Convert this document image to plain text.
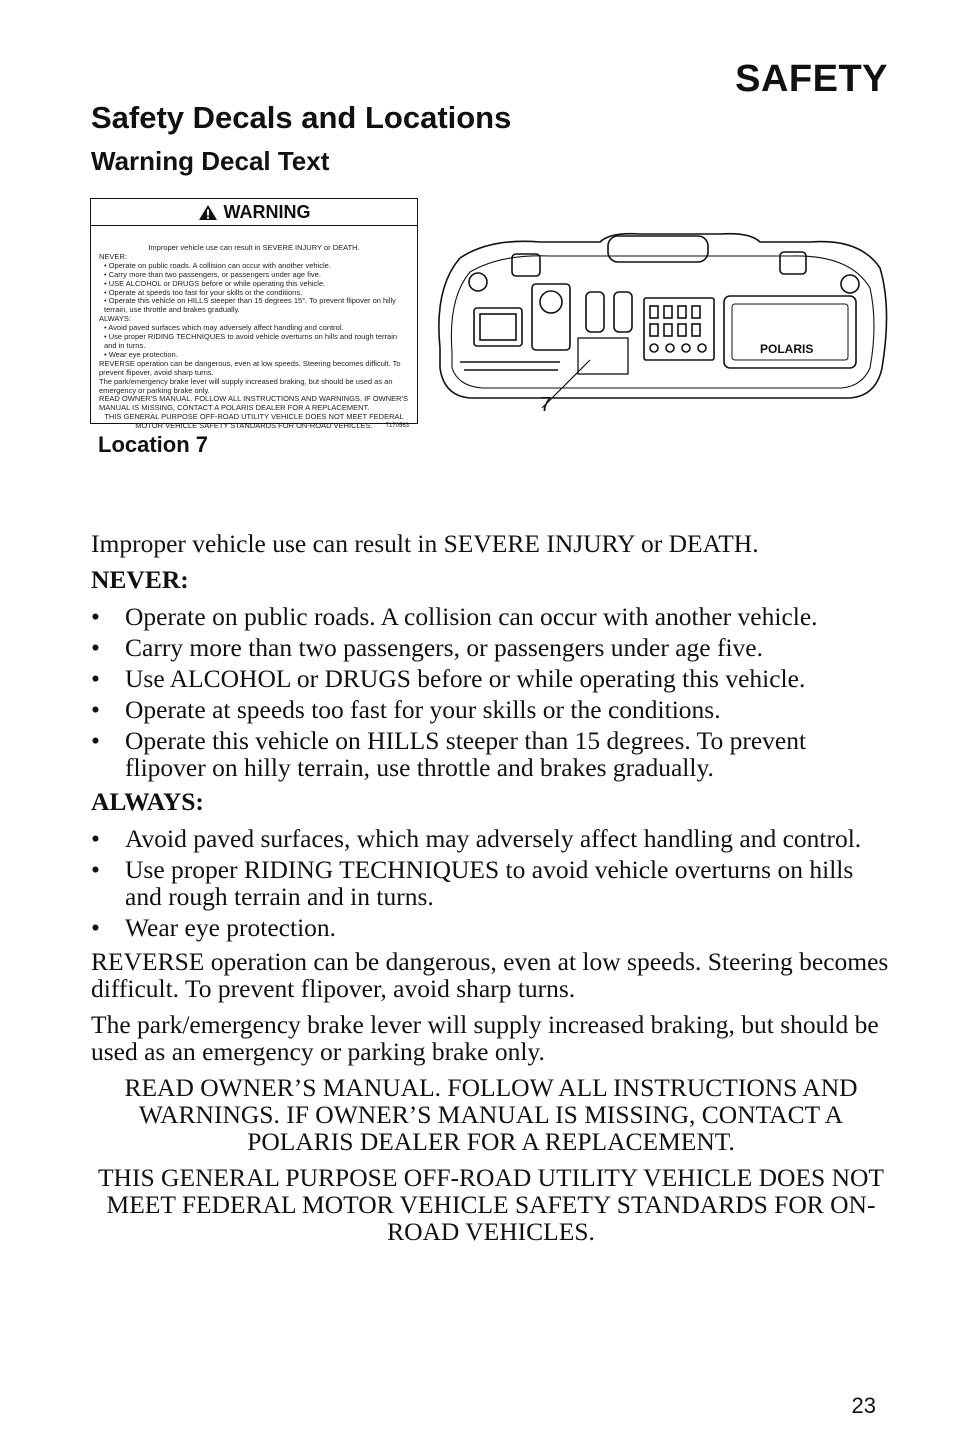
SAFETY
Safety Decals and Locations
Warning Decal Text
WARNING
Improper vehicle use can result in SEVERE INJURY or DEATH.
NEVER:
• Operate on public roads. A collision can occur with another vehicle.
• Carry more than two passengers, or passengers under age five.
• USE ALCOHOL or DRUGS before or while operating this vehicle.
• Operate at speeds too fast for your skills or the conditions.
• Operate this vehicle on HILLS steeper than 15 degrees 15°. To prevent flipover on hilly terrain, use throttle and brakes gradually.
ALWAYS:
• Avoid paved surfaces which may adversely affect handling and control.
• Use proper RIDING TECHNIQUES to avoid vehicle overturns on hills and rough terrain and in turns.
• Wear eye protection.
REVERSE operation can be dangerous, even at low speeds. Steering becomes difficult. To prevent flipover, avoid sharp turns.
The park/emergency brake lever will supply increased braking, but should be used as an emergency or parking brake only.
READ OWNER'S MANUAL. FOLLOW ALL INSTRUCTIONS AND WARNINGS. IF OWNER'S MANUAL IS MISSING, CONTACT A POLARIS DEALER FOR A REPLACEMENT.
THIS GENERAL PURPOSE OFF-ROAD UTILITY VEHICLE DOES NOT MEET FEDERAL MOTOR VEHICLE SAFETY STANDARDS FOR ON-ROAD VEHICLES.	7170563
POLARIS
7
Location 7

Improper vehicle use can result in SEVERE INJURY or DEATH.

NEVER:

• Operate on public roads. A collision can occur with another vehicle.
• Carry more than two passengers, or passengers under age five.
• Use ALCOHOL or DRUGS before or while operating this vehicle.
• Operate at speeds too fast for your skills or the conditions.
• Operate this vehicle on HILLS steeper than 15 degrees. To prevent flipover on hilly terrain, use throttle and brakes gradually.

ALWAYS:

• Avoid paved surfaces, which may adversely affect handling and control.
• Use proper RIDING TECHNIQUES to avoid vehicle overturns on hills and rough terrain and in turns.
• Wear eye protection.

REVERSE operation can be dangerous, even at low speeds. Steering becomes difficult. To prevent flipover, avoid sharp turns.

The park/emergency brake lever will supply increased braking, but should be used as an emergency or parking brake only.

READ OWNER’S MANUAL. FOLLOW ALL INSTRUCTIONS AND WARNINGS. IF OWNER’S MANUAL IS MISSING, CONTACT A POLARIS DEALER FOR A REPLACEMENT.

THIS GENERAL PURPOSE OFF-ROAD UTILITY VEHICLE DOES NOT MEET FEDERAL MOTOR VEHICLE SAFETY STANDARDS FOR ON-ROAD VEHICLES.

23
